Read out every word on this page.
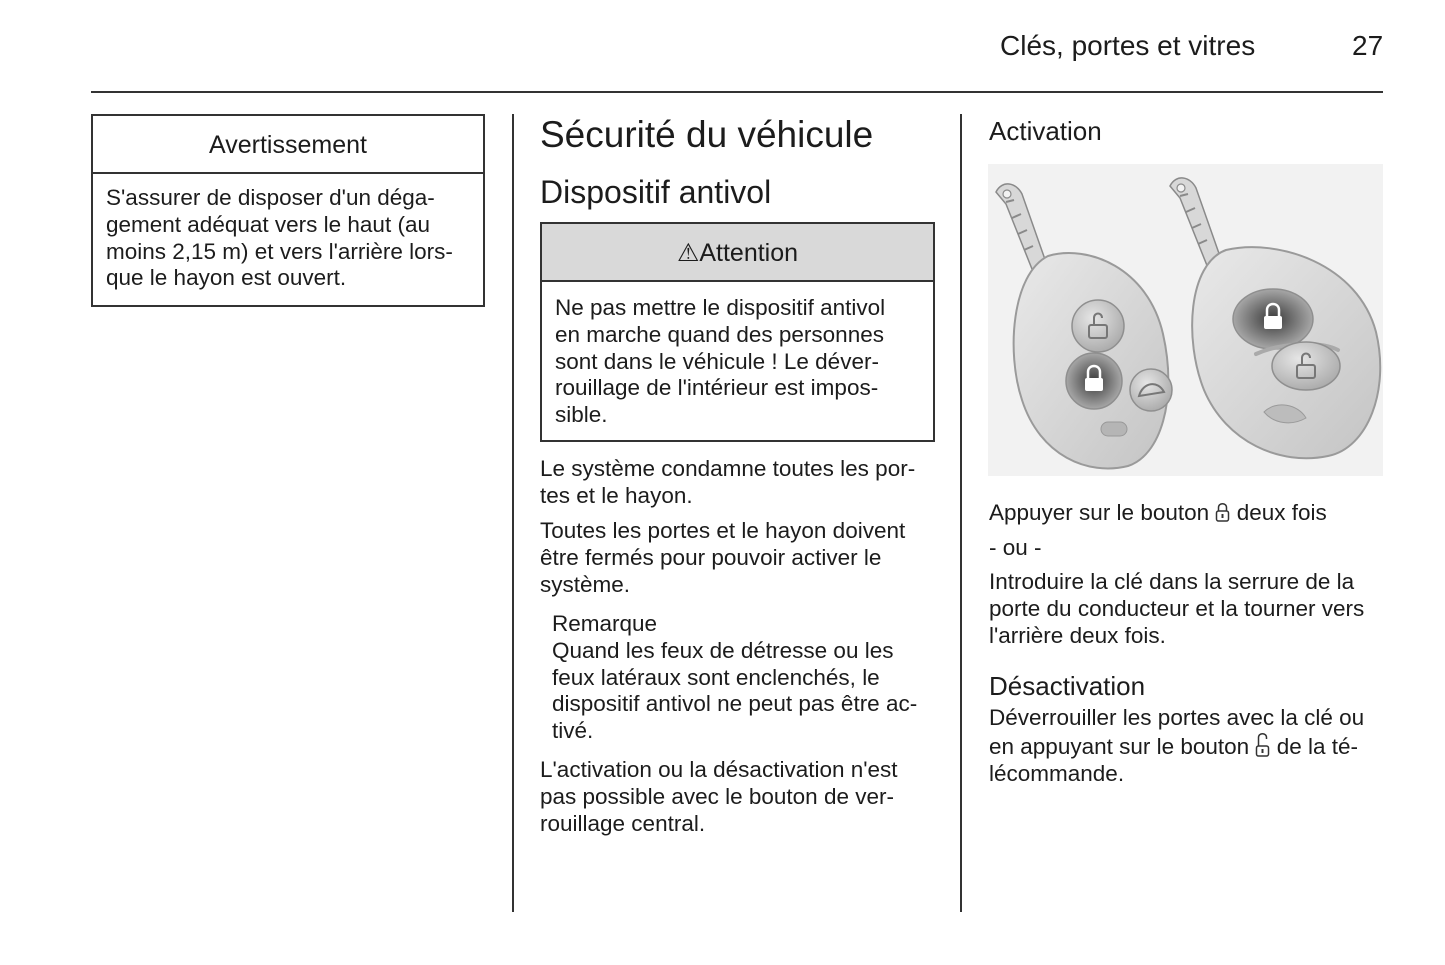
Clés, portes et vitres	27
Avertissement
S'assurer de disposer d'un déga-
gement adéquat vers le haut (au
moins 2,15 m) et vers l'arrière lors-
que le hayon est ouvert.
Sécurité du véhicule
Dispositif antivol
⚠Attention
Ne pas mettre le dispositif antivol
en marche quand des personnes
sont dans le véhicule ! Le déver-
rouillage de l'intérieur est impos-
sible.
Le système condamne toutes les por-
tes et le hayon.
Toutes les portes et le hayon doivent
être fermés pour pouvoir activer le
système.
Remarque
Quand les feux de détresse ou les
feux latéraux sont enclenchés, le
dispositif antivol ne peut pas être ac-
tivé.
L'activation ou la désactivation n'est
pas possible avec le bouton de ver-
rouillage central.
Activation
Appuyer sur le bouton deux fois
- ou -
Introduire la clé dans la serrure de la
porte du conducteur et la tourner vers
l'arrière deux fois.
Désactivation
Déverrouiller les portes avec la clé ou
en appuyant sur le bouton de la té-
lécommande.
